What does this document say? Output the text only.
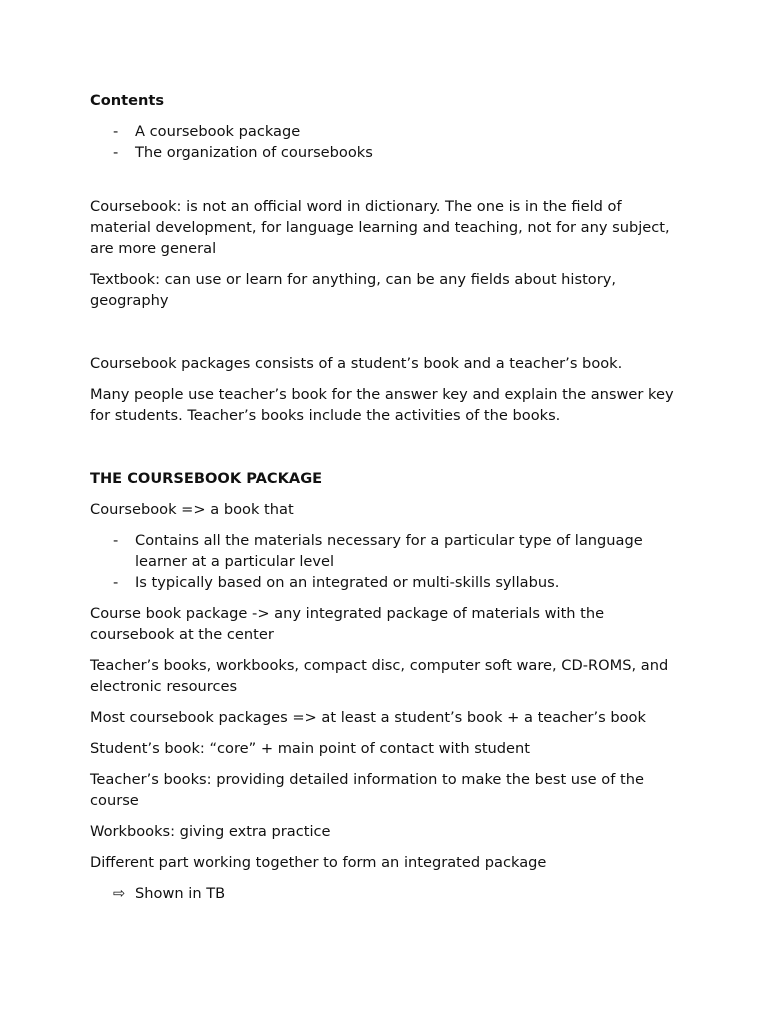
Contents

-	A coursebook package
-	The organization of coursebooks

Coursebook: is not an official word in dictionary. The one is in the field of material development, for language learning and teaching, not for any subject, are more general

Textbook: can use or learn for anything, can be any fields about history, geography

Coursebook packages consists of a student’s book and a teacher’s book.

Many people use teacher’s book for the answer key and explain the answer key for students. Teacher’s books include the activities of the books.

THE COURSEBOOK PACKAGE

Coursebook => a book that

-	Contains all the materials necessary for a particular type of language learner at a particular level
-	Is typically based on an integrated or multi-skills syllabus.

Course book package -> any integrated package of materials with the coursebook at the center

Teacher’s books, workbooks, compact disc, computer soft ware, CD-ROMS, and electronic resources

Most coursebook packages => at least a student’s book + a teacher’s book

Student’s book: “core” + main point of contact with student

Teacher’s books: providing detailed information to make the best use of the course

Workbooks: giving extra practice

Different part working together to form an integrated package

⇨ Shown in TB
